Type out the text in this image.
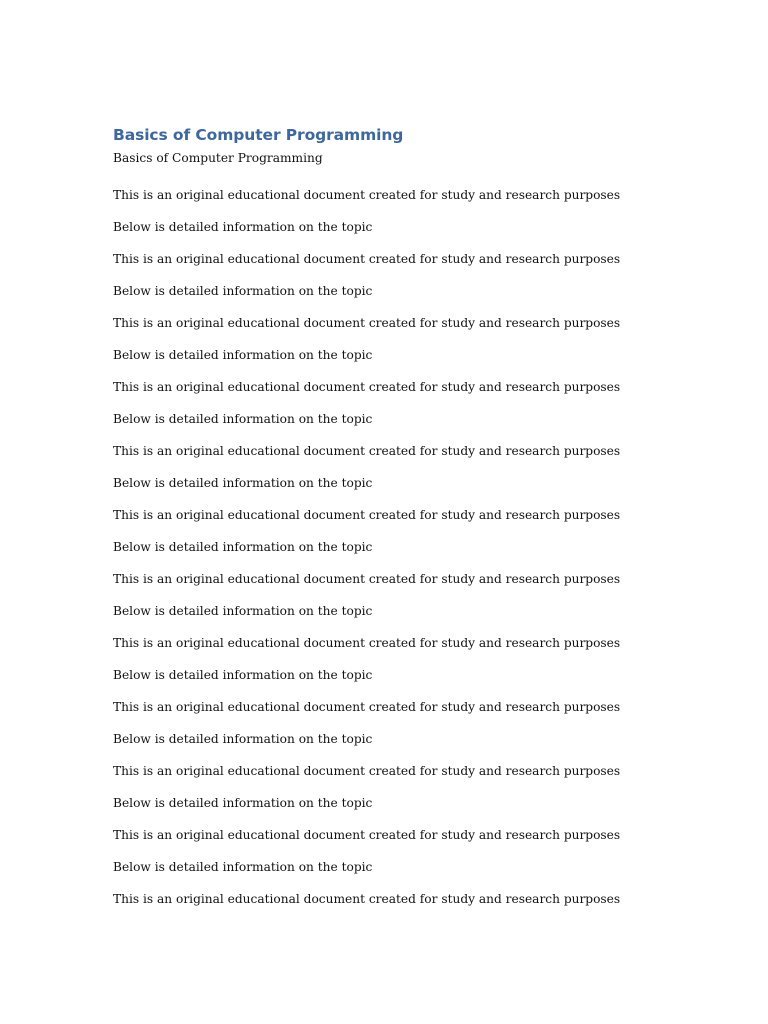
Basics of Computer Programming

Basics of Computer Programming

This is an original educational document created for study and research purposes

Below is detailed information on the topic

This is an original educational document created for study and research purposes

Below is detailed information on the topic

This is an original educational document created for study and research purposes

Below is detailed information on the topic

This is an original educational document created for study and research purposes

Below is detailed information on the topic

This is an original educational document created for study and research purposes

Below is detailed information on the topic

This is an original educational document created for study and research purposes

Below is detailed information on the topic

This is an original educational document created for study and research purposes

Below is detailed information on the topic

This is an original educational document created for study and research purposes

Below is detailed information on the topic

This is an original educational document created for study and research purposes

Below is detailed information on the topic

This is an original educational document created for study and research purposes

Below is detailed information on the topic

This is an original educational document created for study and research purposes

Below is detailed information on the topic

This is an original educational document created for study and research purposes
